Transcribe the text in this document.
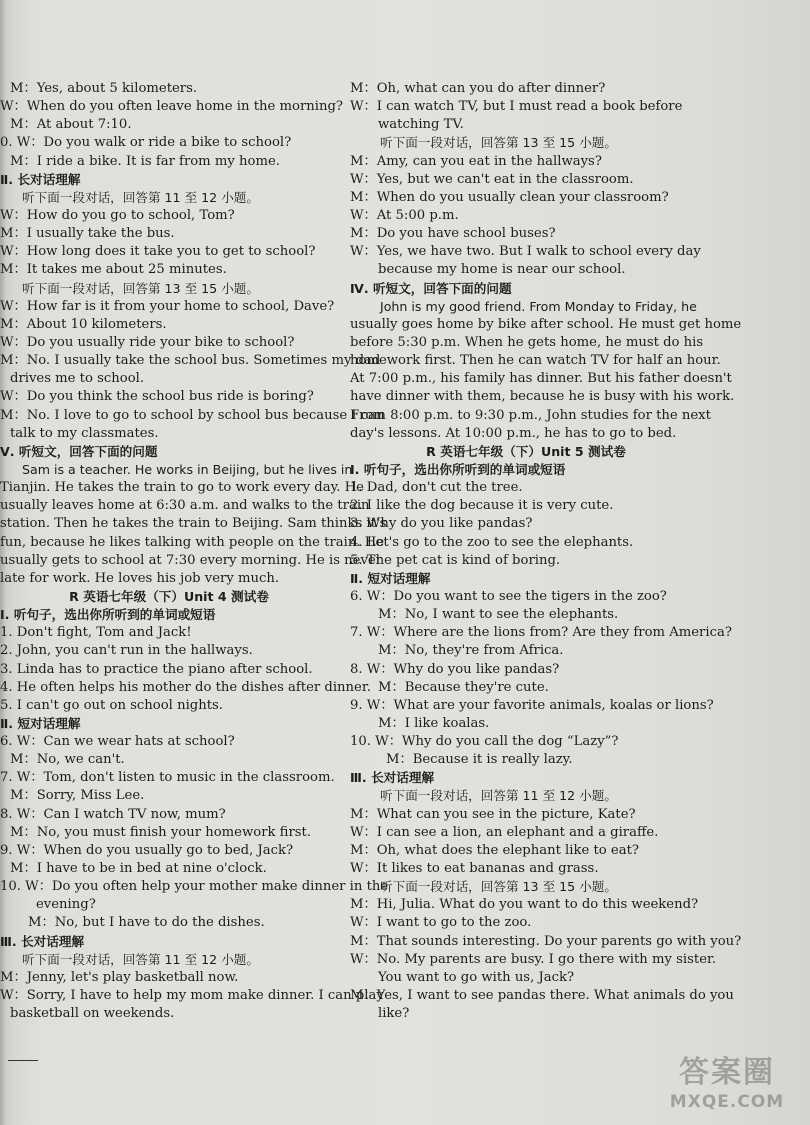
M：Yes, about 5 kilometers.
W：When do you often leave home in the morning?
M：At about 7:10.
0. W：Do you walk or ride a bike to school?
M：I ride a bike. It is far from my home.
Ⅱ. 长对话理解
听下面一段对话，回答第 11 至 12 小题。
W：How do you go to school, Tom?
M：I usually take the bus.
W：How long does it take you to get to school?
M：It takes me about 25 minutes.
听下面一段对话，回答第 13 至 15 小题。
W：How far is it from your home to school, Dave?
M：About 10 kilometers.
W：Do you usually ride your bike to school?
M：No. I usually take the school bus. Sometimes my dad
drives me to school.
W：Do you think the school bus ride is boring?
M：No. I love to go to school by school bus because I can
talk to my classmates.
Ⅴ. 听短文，回答下面的问题
Sam is a teacher. He works in Beijing, but he lives in
Tianjin. He takes the train to go to work every day. He
usually leaves home at 6:30 a.m. and walks to the train
station. Then he takes the train to Beijing. Sam thinks it's
fun, because he likes talking with people on the train. He
usually gets to school at 7:30 every morning. He is never
late for work. He loves his job very much.
R 英语七年级（下）Unit 4 测试卷
Ⅰ. 听句子，选出你所听到的单词或短语
1. Don't fight, Tom and Jack!
2. John, you can't run in the hallways.
3. Linda has to practice the piano after school.
4. He often helps his mother do the dishes after dinner.
5. I can't go out on school nights.
Ⅱ. 短对话理解
6. W：Can we wear hats at school?
M：No, we can't.
7. W：Tom, don't listen to music in the classroom.
M：Sorry, Miss Lee.
8. W：Can I watch TV now, mum?
M：No, you must finish your homework first.
9. W：When do you usually go to bed, Jack?
M：I have to be in bed at nine o'clock.
10. W：Do you often help your mother make dinner in the
evening?
M：No, but I have to do the dishes.
Ⅲ. 长对话理解
听下面一段对话，回答第 11 至 12 小题。
M：Jenny, let's play basketball now.
W：Sorry, I have to help my mom make dinner. I can play
basketball on weekends.
M：Oh, what can you do after dinner?
W：I can watch TV, but I must read a book before
watching TV.
听下面一段对话，回答第 13 至 15 小题。
M：Amy, can you eat in the hallways?
W：Yes, but we can't eat in the classroom.
M：When do you usually clean your classroom?
W：At 5:00 p.m.
M：Do you have school buses?
W：Yes, we have two. But I walk to school every day
because my home is near our school.
Ⅳ. 听短文，回答下面的问题
John is my good friend. From Monday to Friday, he
usually goes home by bike after school. He must get home
before 5:30 p.m. When he gets home, he must do his
homework first. Then he can watch TV for half an hour.
At 7:00 p.m., his family has dinner. But his father doesn't
have dinner with them, because he is busy with his work.
From 8:00 p.m. to 9:30 p.m., John studies for the next
day's lessons. At 10:00 p.m., he has to go to bed.
R 英语七年级（下）Unit 5 测试卷
Ⅰ. 听句子，选出你所听到的单词或短语
1. Dad, don't cut the tree.
2. I like the dog because it is very cute.
3. Why do you like pandas?
4. Let's go to the zoo to see the elephants.
5. The pet cat is kind of boring.
Ⅱ. 短对话理解
6. W：Do you want to see the tigers in the zoo?
M：No, I want to see the elephants.
7. W：Where are the lions from? Are they from America?
M：No, they're from Africa.
8. W：Why do you like pandas?
M：Because they're cute.
9. W：What are your favorite animals, koalas or lions?
M：I like koalas.
10. W：Why do you call the dog “Lazy”?
M：Because it is really lazy.
Ⅲ. 长对话理解
听下面一段对话，回答第 11 至 12 小题。
M：What can you see in the picture, Kate?
W：I can see a lion, an elephant and a giraffe.
M：Oh, what does the elephant like to eat?
W：It likes to eat bananas and grass.
听下面一段对话，回答第 13 至 15 小题。
M：Hi, Julia. What do you want to do this weekend?
W：I want to go to the zoo.
M：That sounds interesting. Do your parents go with you?
W：No. My parents are busy. I go there with my sister.
You want to go with us, Jack?
M：Yes, I want to see pandas there. What animals do you
like?
答案圈
MXQE.COM
